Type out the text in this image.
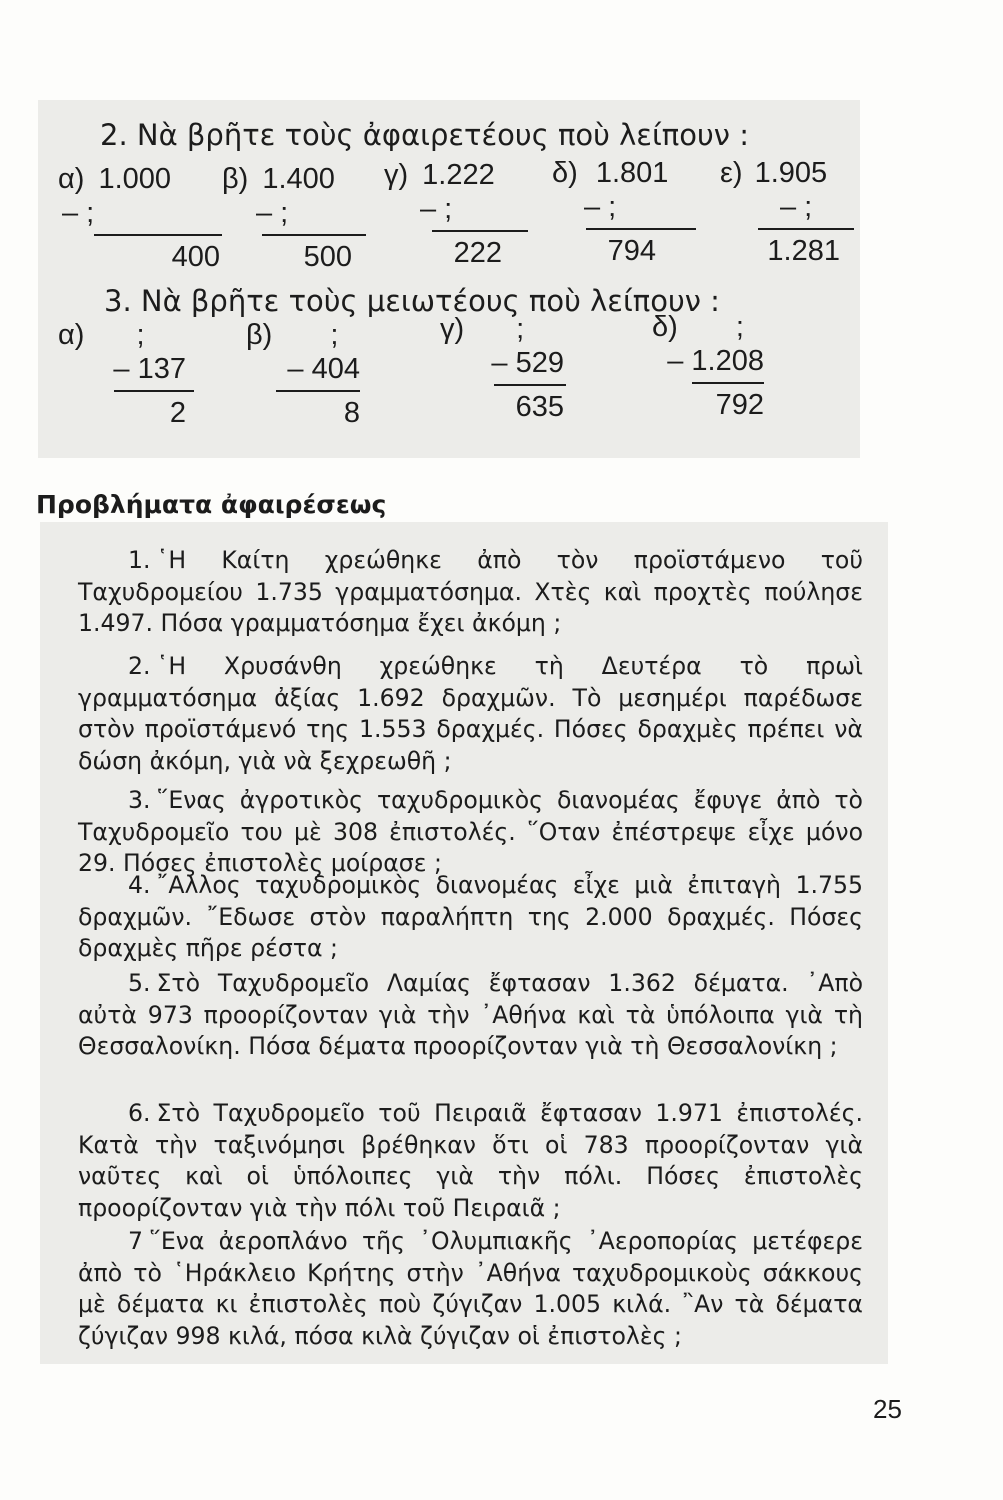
2. Νὰ βρῆτε τοὺς ἀφαιρετέους ποὺ λείπουν :
α) 1.000
– ;
400
β) 1.400
– ;
500
γ) 1.222
– ;
222
δ) 1.801
– ;
794
ε) 1.905
– ;
1.281
3. Νὰ βρῆτε τοὺς μειωτέους ποὺ λείπουν :
α) ;
– 137
2
β) ;
– 404
8
γ) ;
– 529
635
δ) ;
– 1.208
792
Προβλήματα ἀφαιρέσεως
1. ῾Η Καίτη χρεώθηκε ἀπὸ τὸν προϊστάμενο τοῦ Ταχυδρομείου 1.735 γραμματόσημα. Χτὲς καὶ προχτὲς πούλησε 1.497. Πόσα γραμματόσημα ἔχει ἀκόμη ;
2. ῾Η Χρυσάνθη χρεώθηκε τὴ Δευτέρα τὸ πρωὶ γραμματόσημα ἀξίας 1.692 δραχμῶν. Τὸ μεσημέρι παρέδωσε στὸν προϊστάμενό της 1.553 δραχμές. Πόσες δραχμὲς πρέπει νὰ δώση ἀκόμη, γιὰ νὰ ξεχρεωθῆ ;
3. ῞Ενας ἀγροτικὸς ταχυδρομικὸς διανομέας ἔφυγε ἀπὸ τὸ Ταχυδρομεῖο του μὲ 308 ἐπιστολές. ῞Οταν ἐπέστρεψε εἶχε μόνο 29. Πόσες ἐπιστολὲς μοίρασε ;
4. ῎Αλλος ταχυδρομικὸς διανομέας εἶχε μιὰ ἐπιταγὴ 1.755 δραχμῶν. ῎Εδωσε στὸν παραλήπτη της 2.000 δραχμές. Πόσες δραχμὲς πῆρε ρέστα ;
5. Στὸ Ταχυδρομεῖο Λαμίας ἔφτασαν 1.362 δέματα. ᾿Απὸ αὐτὰ 973 προορίζονταν γιὰ τὴν ᾿Αθήνα καὶ τὰ ὑπόλοιπα γιὰ τὴ Θεσσαλονίκη. Πόσα δέματα προορίζονταν γιὰ τὴ Θεσσαλονίκη ;
6. Στὸ Ταχυδρομεῖο τοῦ Πειραιᾶ ἔφτασαν 1.971 ἐπιστολές. Κατὰ τὴν ταξινόμησι βρέθηκαν ὅτι οἱ 783 προορίζονταν γιὰ ναῦτες καὶ οἱ ὑπόλοιπες γιὰ τὴν πόλι. Πόσες ἐπιστολὲς προορίζονταν γιὰ τὴν πόλι τοῦ Πειραιᾶ ;
7 ῞Ενα ἀεροπλάνο τῆς ᾿Ολυμπιακῆς ᾿Αεροπορίας μετέφερε ἀπὸ τὸ ῾Ηράκλειο Κρήτης στὴν ᾿Αθήνα ταχυδρομικοὺς σάκκους μὲ δέματα κι ἐπιστολὲς ποὺ ζύγιζαν 1.005 κιλά. ῍Αν τὰ δέματα ζύγιζαν 998 κιλά, πόσα κιλὰ ζύγιζαν οἱ ἐπιστολὲς ;
25
